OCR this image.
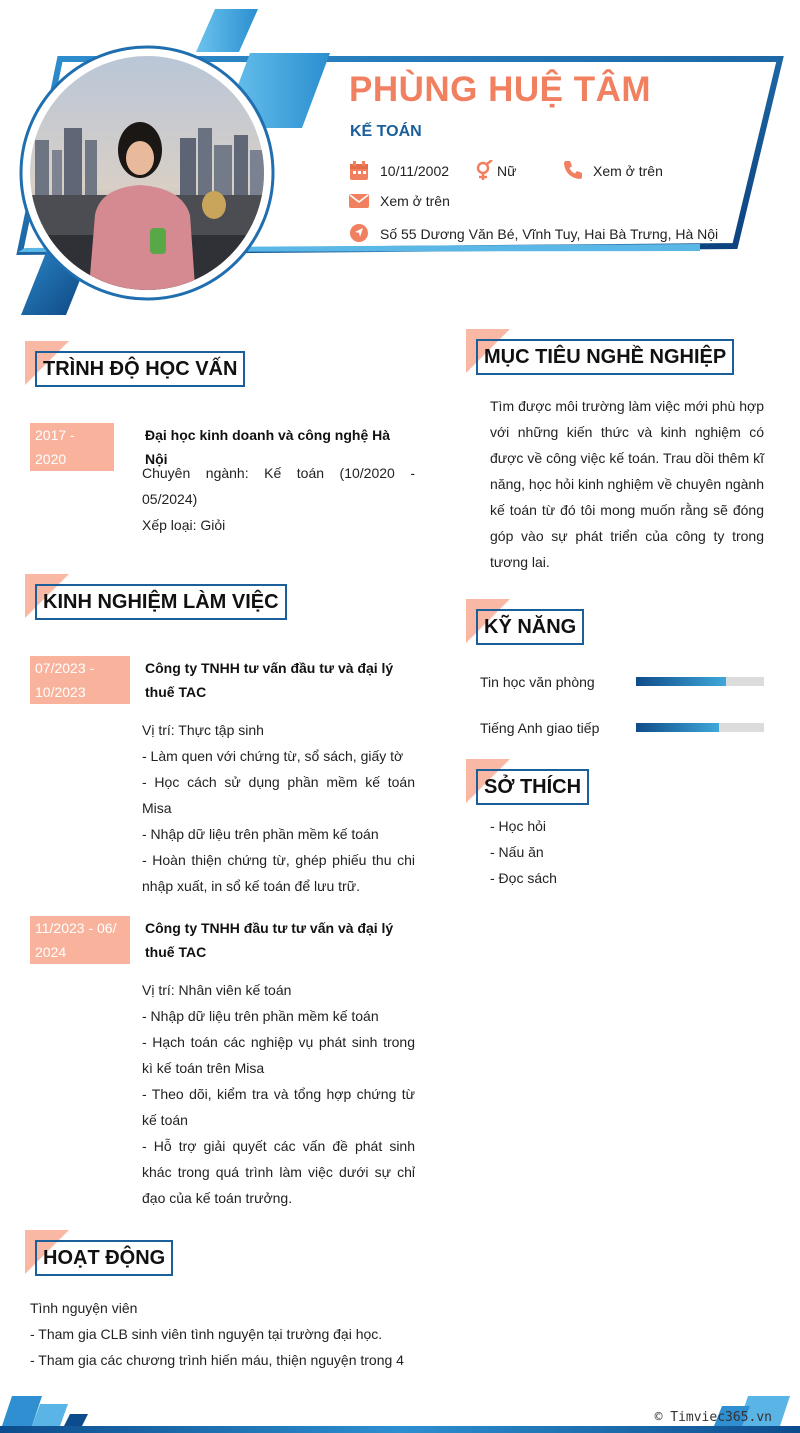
PHÙNG HUỆ TÂM
KẾ TOÁN
10/11/2002	Nữ	Xem ở trên
Xem ở trên
Số 55 Dương Văn Bé, Vĩnh Tuy, Hai Bà Trưng, Hà Nội
TRÌNH ĐỘ HỌC VẤN
2017 - 2020
Đại học kinh doanh và công nghệ Hà Nội
Chuyên ngành: Kế toán (10/2020 - 05/2024)
Xếp loại: Giỏi
KINH NGHIỆM LÀM VIỆC
07/2023 - 10/2023
Công ty TNHH tư vấn đầu tư và đại lý thuế TAC
Vị trí: Thực tập sinh
- Làm quen với chứng từ, sổ sách, giấy tờ
- Học cách sử dụng phần mềm kế toán Misa
- Nhập dữ liệu trên phần mềm kế toán
- Hoàn thiện chứng từ, ghép phiếu thu chi nhập xuất, in sổ kế toán để lưu trữ.
11/2023 - 06/ 2024
Công ty TNHH đầu tư tư vấn và đại lý thuế TAC
Vị trí: Nhân viên kế toán
- Nhập dữ liệu trên phần mềm kế toán
- Hạch toán các nghiệp vụ phát sinh trong kì kế toán trên Misa
- Theo dõi, kiểm tra và tổng hợp chứng từ kế toán
- Hỗ trợ giải quyết các vấn đề phát sinh khác trong quá trình làm việc dưới sự chỉ đạo của kế toán trưởng.
HOẠT ĐỘNG
Tình nguyện viên
- Tham gia CLB sinh viên tình nguyện tại trường đại học.
- Tham gia các chương trình hiến máu, thiện nguyện trong 4
MỤC TIÊU NGHỀ NGHIỆP
Tìm được môi trường làm việc mới phù hợp với những kiến thức và kinh nghiệm có được về công việc kế toán. Trau dồi thêm kĩ năng, học hỏi kinh nghiệm về chuyên ngành kế toán từ đó tôi mong muốn rằng sẽ đóng góp vào sự phát triển của công ty trong tương lai.
KỸ NĂNG
Tin học văn phòng
Tiếng Anh giao tiếp
SỞ THÍCH
- Học hỏi
- Nấu ăn
- Đọc sách
© Timviec365.vn
